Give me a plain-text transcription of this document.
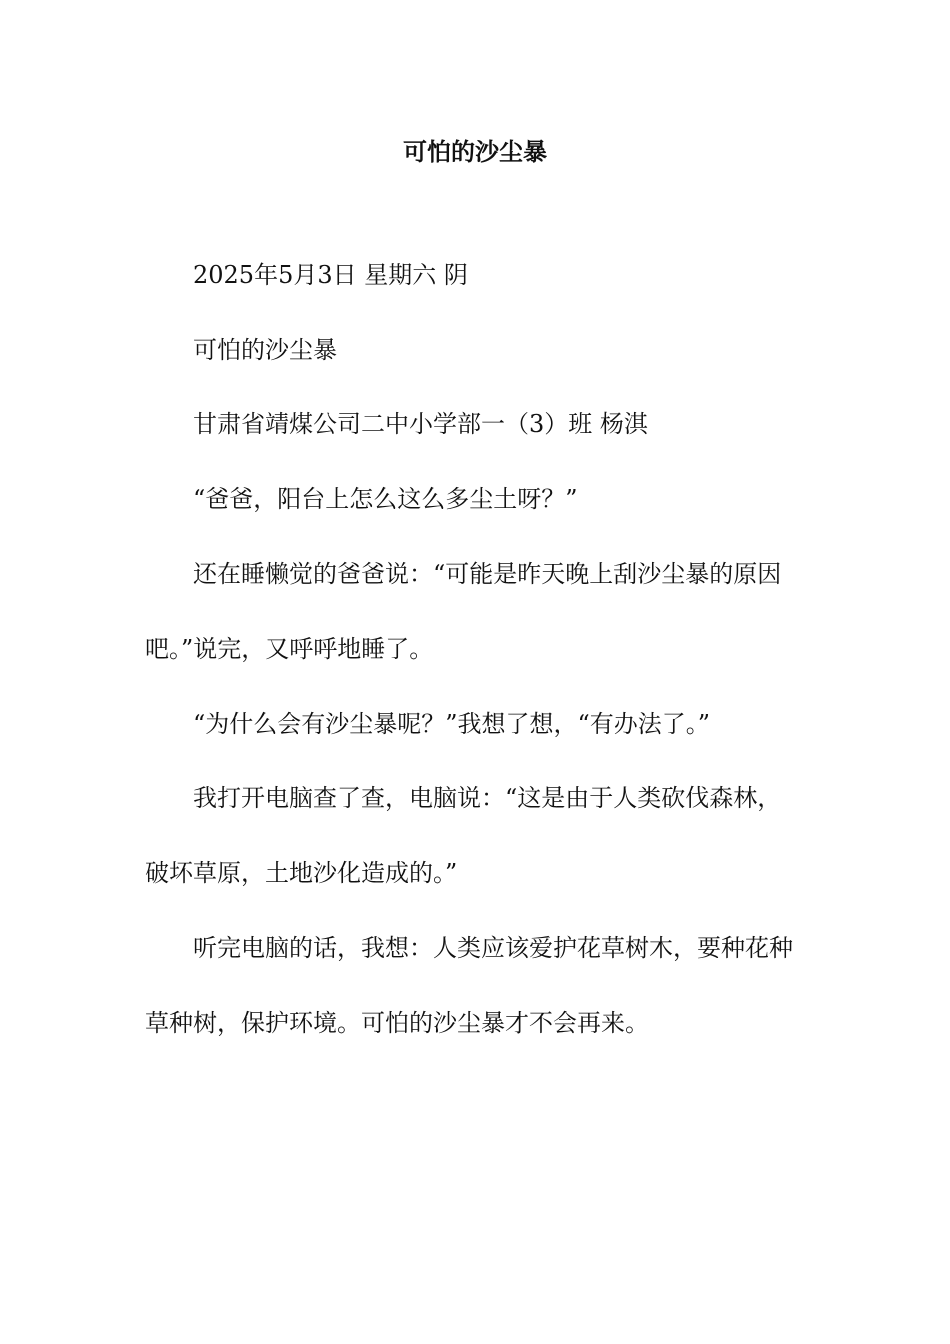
可怕的沙尘暴

2025年5月3日 星期六 阴

可怕的沙尘暴

甘肃省靖煤公司二中小学部一（3）班 杨淇

“爸爸，阳台上怎么这么多尘土呀？”

还在睡懒觉的爸爸说：“可能是昨天晚上刮沙尘暴的原因

吧。”说完，又呼呼地睡了。

“为什么会有沙尘暴呢？”我想了想，“有办法了。”

我打开电脑查了查，电脑说：“这是由于人类砍伐森林，

破坏草原，土地沙化造成的。”

听完电脑的话，我想：人类应该爱护花草树木，要种花种

草种树，保护环境。可怕的沙尘暴才不会再来。
